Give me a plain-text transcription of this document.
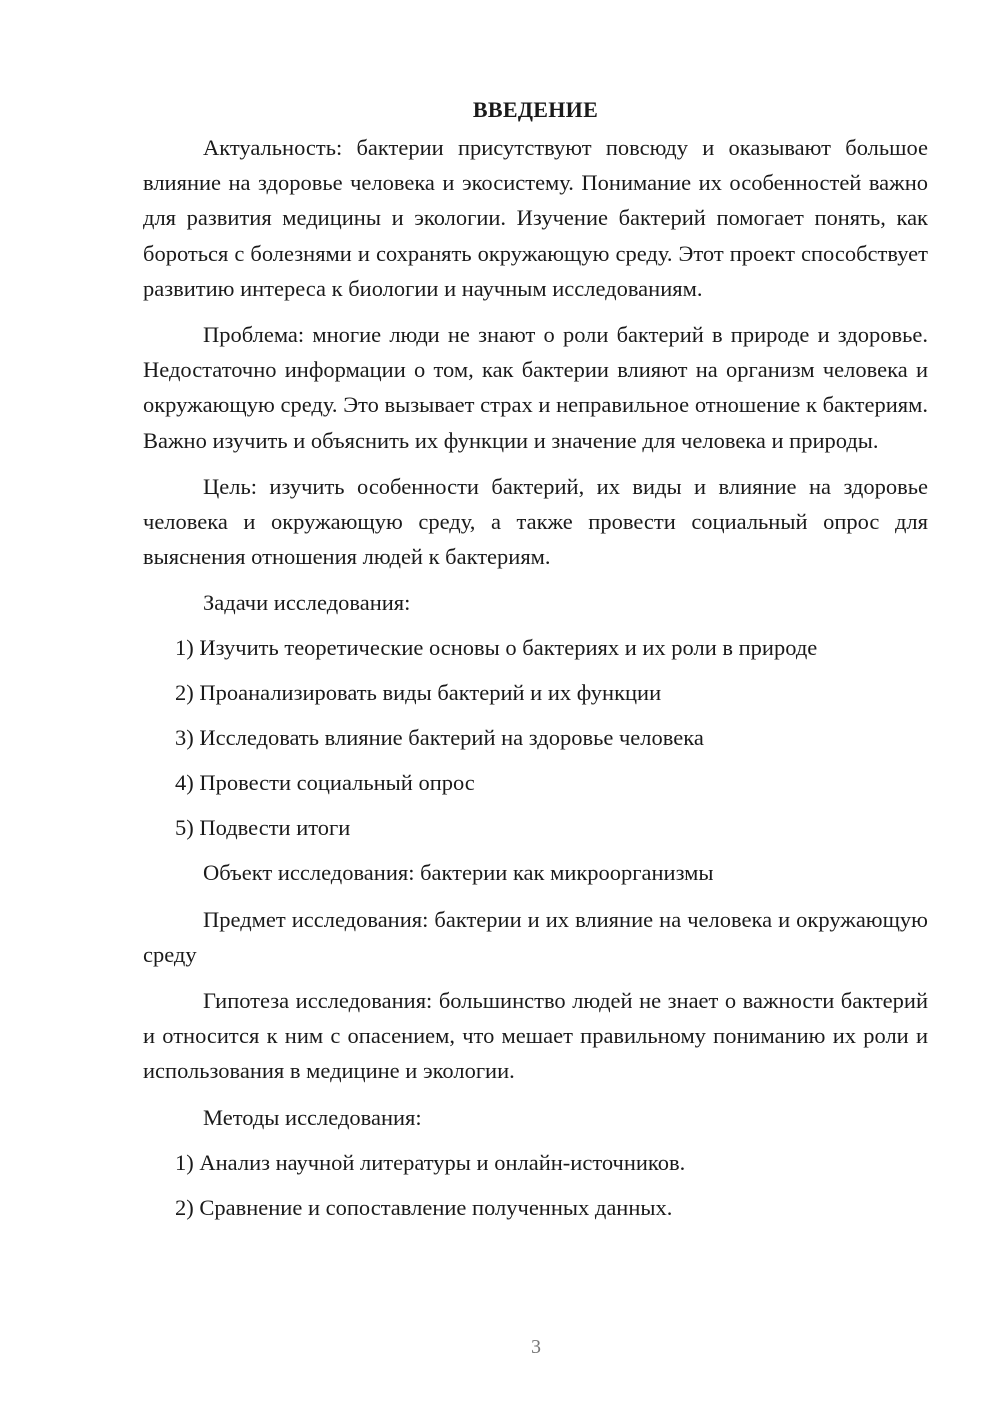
ВВЕДЕНИЕ

Актуальность: бактерии присутствуют повсюду и оказывают большое влияние на здоровье человека и экосистему. Понимание их особенностей важно для развития медицины и экологии. Изучение бактерий помогает понять, как бороться с болезнями и сохранять окружающую среду. Этот проект способствует развитию интереса к биологии и научным исследованиям.

Проблема: многие люди не знают о роли бактерий в природе и здоровье. Недостаточно информации о том, как бактерии влияют на организм человека и окружающую среду. Это вызывает страх и неправильное отношение к бактериям. Важно изучить и объяснить их функции и значение для человека и природы.

Цель: изучить особенности бактерий, их виды и влияние на здоровье человека и окружающую среду, а также провести социальный опрос для выяснения отношения людей к бактериям.

Задачи исследования:

1) Изучить теоретические основы о бактериях и их роли в природе
2) Проанализировать виды бактерий и их функции
3) Исследовать влияние бактерий на здоровье человека
4) Провести социальный опрос
5) Подвести итоги

Объект исследования: бактерии как микроорганизмы

Предмет исследования: бактерии и их влияние на человека и окружающую среду

Гипотеза исследования: большинство людей не знает о важности бактерий и относится к ним с опасением, что мешает правильному пониманию их роли и использования в медицине и экологии.

Методы исследования:

1) Анализ научной литературы и онлайн-источников.
2) Сравнение и сопоставление полученных данных.
3
